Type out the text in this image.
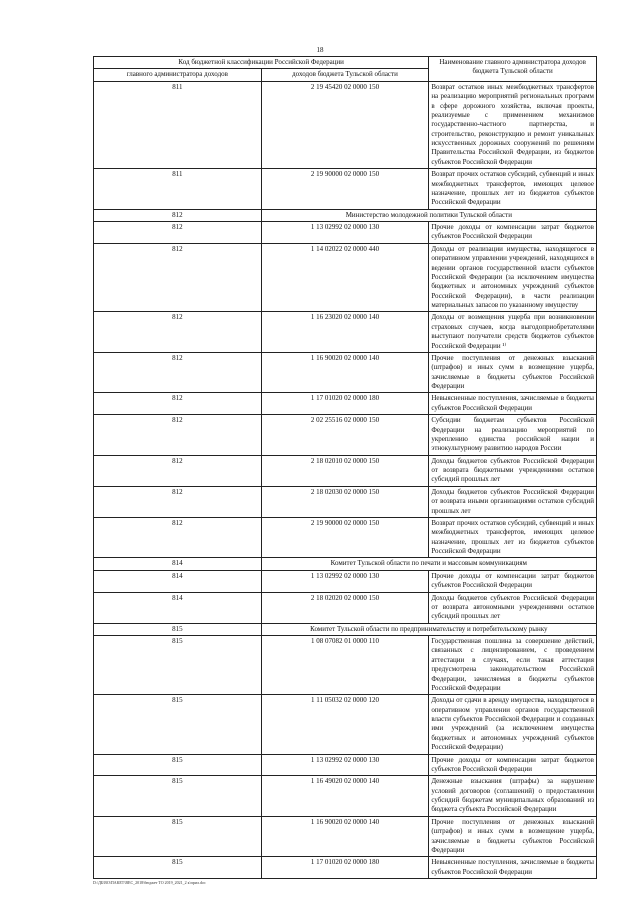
18
Код бюджетной классификации Российской Федерации		Наименование главного администратора доходов бюджета Тульской области
главного администратора доходов	доходов бюджета Тульской области	
811	2 19 45420 02 0000 150	Возврат остатков иных межбюджетных трансфертов на реализацию мероприятий региональных программ в сфере дорожного хозяйства, включая проекты, реализуемые с применением механизмов государственно-частного партнерства, и строительство, реконструкцию и ремонт уникальных искусственных дорожных сооружений по решениям Правительства Российской Федерации, из бюджетов субъектов Российской Федерации
811	2 19 90000 02 0000 150	Возврат прочих остатков субсидий, субвенций и иных межбюджетных трансфертов, имеющих целевое назначение, прошлых лет из бюджетов субъектов Российской Федерации
812	Министерство молодежной политики Тульской области	
812	1 13 02992 02 0000 130	Прочие доходы от компенсации затрат бюджетов субъектов Российской Федерации
812	1 14 02022 02 0000 440	Доходы от реализации имущества, находящегося в оперативном управлении учреждений, находящихся в ведении органов государственной власти субъектов Российской Федерации (за исключением имущества бюджетных и автономных учреждений субъектов Российской Федерации), в части реализации материальных запасов по указанному имуществу
812	1 16 23020 02 0000 140	Доходы от возмещения ущерба при возникновении страховых случаев, когда выгодоприобретателями выступают получатели средств бюджетов субъектов Российской Федерации ¹⁾
812	1 16 90020 02 0000 140	Прочие поступления от денежных взысканий (штрафов) и иных сумм в возмещение ущерба, зачисляемые в бюджеты субъектов Российской Федерации
812	1 17 01020 02 0000 180	Невыясненные поступления, зачисляемые в бюджеты субъектов Российской Федерации
812	2 02 25516 02 0000 150	Субсидии бюджетам субъектов Российской Федерации на реализацию мероприятий по укреплению единства российской нации и этнокультурному развитию народов России
812	2 18 02010 02 0000 150	Доходы бюджетов субъектов Российской Федерации от возврата бюджетными учреждениями остатков субсидий прошлых лет
812	2 18 02030 02 0000 150	Доходы бюджетов субъектов Российской Федерации от возврата иными организациями остатков субсидий прошлых лет
812	2 19 90000 02 0000 150	Возврат прочих остатков субсидий, субвенций и иных межбюджетных трансфертов, имеющих целевое назначение, прошлых лет из бюджетов субъектов Российской Федерации
814	Комитет Тульской области по печати и массовым коммуникациям	
814	1 13 02992 02 0000 130	Прочие доходы от компенсации затрат бюджетов субъектов Российской Федерации
814	2 18 02020 02 0000 150	Доходы бюджетов субъектов Российской Федерации от возврата автономными учреждениями остатков субсидий прошлых лет
815	Комитет Тульской области по предпринимательству и потребительскому рынку	
815	1 08 07082 01 0000 110	Государственная пошлина за совершение действий, связанных с лицензированием, с проведением аттестации в случаях, если такая аттестация предусмотрена законодательством Российской Федерации, зачисляемая в бюджеты субъектов Российской Федерации
815	1 11 05032 02 0000 120	Доходы от сдачи в аренду имущества, находящегося в оперативном управлении органов государственной власти субъектов Российской Федерации и созданных ими учреждений (за исключением имущества бюджетных и автономных учреждений субъектов Российской Федерации)
815	1 13 02992 02 0000 130	Прочие доходы от компенсации затрат бюджетов субъектов Российской Федерации
815	1 16 49020 02 0000 140	Денежные взыскания (штрафы) за нарушение условий договоров (соглашений) о предоставлении субсидий бюджетам муниципальных образований из бюджета субъекта Российской Федерации
815	1 16 90020 02 0000 140	Прочие поступления от денежных взысканий (штрафов) и иных сумм в возмещение ущерба, зачисляемые в бюджеты субъектов Российской Федерации
815	1 17 01020 02 0000 180	Невыясненные поступления, зачисляемые в бюджеты субъектов Российской Федерации
D:\ДБ\ВО\ПАКЕТ\ВЕС_2018\бюджет ТО 2019_2021_2 к\прил.doc
